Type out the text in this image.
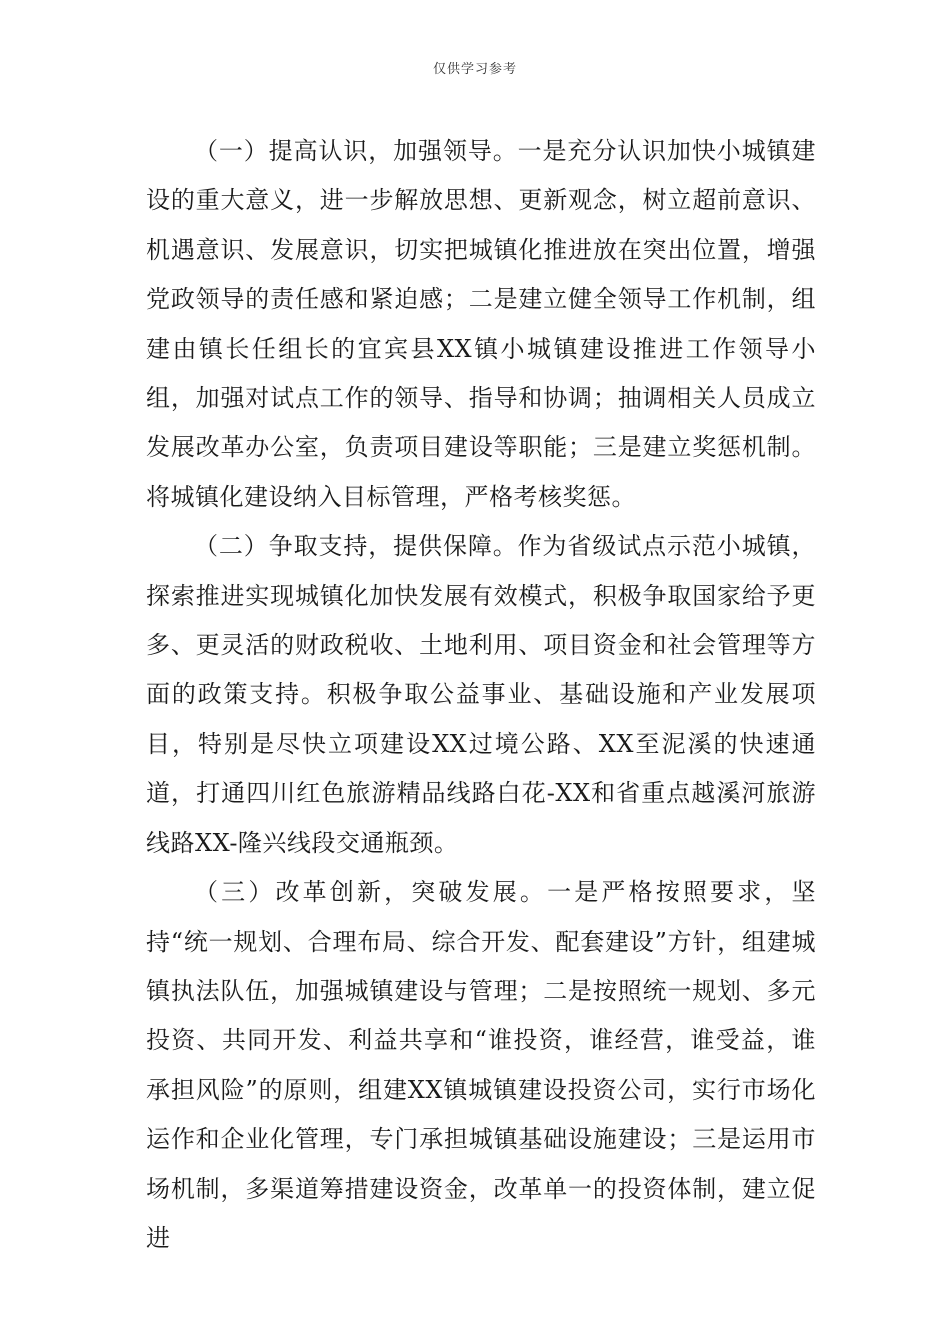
仅供学习参考

（一）提高认识，加强领导。一是充分认识加快小城镇建设的重大意义，进一步解放思想、更新观念，树立超前意识、机遇意识、发展意识，切实把城镇化推进放在突出位置，增强党政领导的责任感和紧迫感；二是建立健全领导工作机制，组建由镇长任组长的宜宾县XX镇小城镇建设推进工作领导小组，加强对试点工作的领导、指导和协调；抽调相关人员成立发展改革办公室，负责项目建设等职能；三是建立奖惩机制。将城镇化建设纳入目标管理，严格考核奖惩。

（二）争取支持，提供保障。作为省级试点示范小城镇，探索推进实现城镇化加快发展有效模式，积极争取国家给予更多、更灵活的财政税收、土地利用、项目资金和社会管理等方面的政策支持。积极争取公益事业、基础设施和产业发展项目，特别是尽快立项建设XX过境公路、XX至泥溪的快速通道，打通四川红色旅游精品线路白花-XX和省重点越溪河旅游线路XX-隆兴线段交通瓶颈。

（三）改革创新，突破发展。一是严格按照要求，坚持“统一规划、合理布局、综合开发、配套建设”方针，组建城镇执法队伍，加强城镇建设与管理；二是按照统一规划、多元投资、共同开发、利益共享和“谁投资，谁经营，谁受益，谁承担风险”的原则，组建XX镇城镇建设投资公司，实行市场化运作和企业化管理，专门承担城镇基础设施建设；三是运用市场机制，多渠道筹措建设资金，改革单一的投资体制，建立促进
